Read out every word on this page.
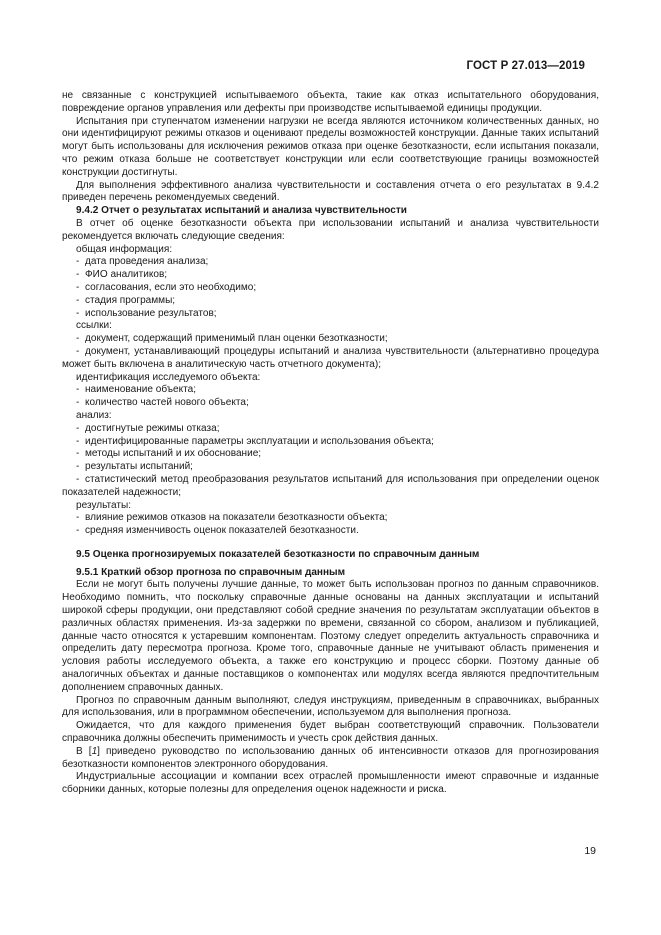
ГОСТ Р 27.013—2019

не связанные с конструкцией испытываемого объекта, такие как отказ испытательного оборудования, повреждение органов управления или дефекты при производстве испытываемой единицы продукции.

Испытания при ступенчатом изменении нагрузки не всегда являются источником количественных данных, но они идентифицируют режимы отказов и оценивают пределы возможностей конструкции. Данные таких испытаний могут быть использованы для исключения режимов отказа при оценке безотказности, если испытания показали, что режим отказа больше не соответствует конструкции или если соответствующие границы возможностей конструкции достигнуты.

Для выполнения эффективного анализа чувствительности и составления отчета о его результатах в 9.4.2 приведен перечень рекомендуемых сведений.

9.4.2 Отчет о результатах испытаний и анализа чувствительности

В отчет об оценке безотказности объекта при использовании испытаний и анализа чувствительности рекомендуется включать следующие сведения:

общая информация:

- дата проведения анализа;

- ФИО аналитиков;

- согласования, если это необходимо;

- стадия программы;

- использование результатов;

ссылки:

- документ, содержащий применимый план оценки безотказности;

- документ, устанавливающий процедуры испытаний и анализа чувствительности (альтернативно процедура может быть включена в аналитическую часть отчетного документа);

идентификация исследуемого объекта:

- наименование объекта;

- количество частей нового объекта;

анализ:

- достигнутые режимы отказа;

- идентифицированные параметры эксплуатации и использования объекта;

- методы испытаний и их обоснование;

- результаты испытаний;

- статистический метод преобразования результатов испытаний для использования при определении оценок показателей надежности;

результаты:

- влияние режимов отказов на показатели безотказности объекта;

- средняя изменчивость оценок показателей безотказности.

9.5 Оценка прогнозируемых показателей безотказности по справочным данным

9.5.1 Краткий обзор прогноза по справочным данным

Если не могут быть получены лучшие данные, то может быть использован прогноз по данным справочников. Необходимо помнить, что поскольку справочные данные основаны на данных эксплуатации и испытаний широкой сферы продукции, они представляют собой средние значения по результатам эксплуатации объектов в различных областях применения. Из-за задержки по времени, связанной со сбором, анализом и публикацией, данные часто относятся к устаревшим компонентам. Поэтому следует определить актуальность справочника и определить дату пересмотра прогноза. Кроме того, справочные данные не учитывают область применения и условия работы исследуемого объекта, а также его конструкцию и процесс сборки. Поэтому данные об аналогичных объектах и данные поставщиков о компонентах или модулях всегда являются предпочтительным дополнением справочных данных.

Прогноз по справочным данным выполняют, следуя инструкциям, приведенным в справочниках, выбранных для использования, или в программном обеспечении, используемом для выполнения прогноза.

Ожидается, что для каждого применения будет выбран соответствующий справочник. Пользователи справочника должны обеспечить применимость и учесть срок действия данных.

В [1] приведено руководство по использованию данных об интенсивности отказов для прогнозирования безотказности компонентов электронного оборудования.

Индустриальные ассоциации и компании всех отраслей промышленности имеют справочные и изданные сборники данных, которые полезны для определения оценок надежности и риска.

19
